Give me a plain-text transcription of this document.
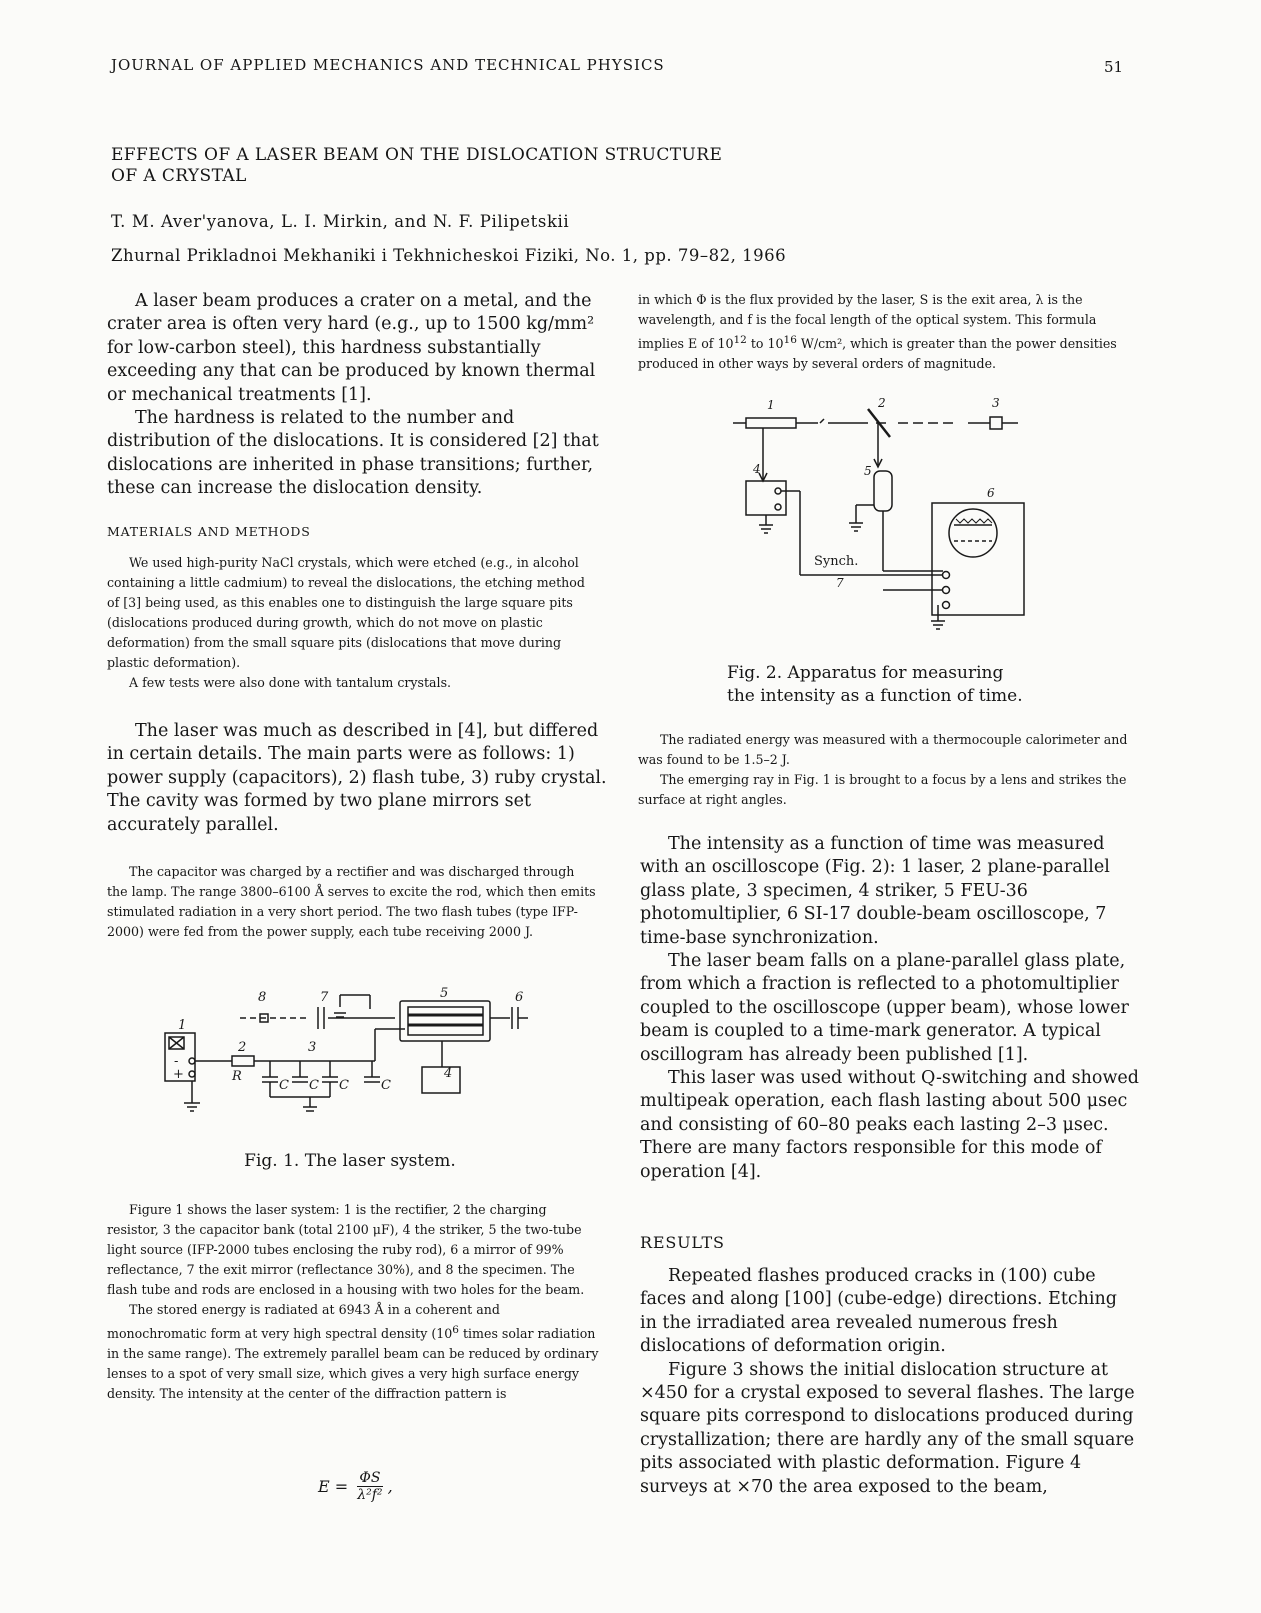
JOURNAL OF APPLIED MECHANICS AND TECHNICAL PHYSICS	51
EFFECTS OF A LASER BEAM ON THE DISLOCATION STRUCTURE
OF A CRYSTAL
T. M. Aver'yanova, L. I. Mirkin, and N. F. Pilipetskii
Zhurnal Prikladnoi Mekhaniki i Tekhnicheskoi Fiziki, No. 1, pp. 79–82, 1966

A laser beam produces a crater on a metal, and the crater area is often very hard (e.g., up to 1500 kg/mm² for low-carbon steel), this hardness substantially exceeding any that can be produced by known thermal or mechanical treatments [1].

The hardness is related to the number and distribution of the dislocations. It is considered [2] that dislocations are inherited in phase transitions; further, these can increase the dislocation density.

MATERIALS AND METHODS

We used high-purity NaCl crystals, which were etched (e.g., in alcohol containing a little cadmium) to reveal the dislocations, the etching method of [3] being used, as this enables one to distinguish the large square pits (dislocations produced during growth, which do not move on plastic deformation) from the small square pits (dislocations that move during plastic deformation).

A few tests were also done with tantalum crystals.

The laser was much as described in [4], but differed in certain details. The main parts were as follows: 1) power supply (capacitors), 2) flash tube, 3) ruby crystal. The cavity was formed by two plane mirrors set accurately parallel.

The capacitor was charged by a rectifier and was discharged through the lamp. The range 3800–6100 Å serves to excite the rod, which then emits stimulated radiation in a very short period. The two flash tubes (type IFP-2000) were fed from the power supply, each tube receiving 2000 J.

8	7	5	6
1
2	3
4
R
C C C C
-
+
Fig. 1. The laser system.

Figure 1 shows the laser system: 1 is the rectifier, 2 the charging resistor, 3 the capacitor bank (total 2100 μF), 4 the striker, 5 the two-tube light source (IFP-2000 tubes enclosing the ruby rod), 6 a mirror of 99% reflectance, 7 the exit mirror (reflectance 30%), and 8 the specimen. The flash tube and rods are enclosed in a housing with two holes for the beam.

The stored energy is radiated at 6943 Å in a coherent and monochromatic form at very high spectral density ($10^6$ times solar radiation in the same range). The extremely parallel beam can be reduced by ordinary lenses to a spot of very small size, which gives a very high surface energy density. The intensity at the center of the diffraction pattern is

$E = \frac{\Phi S}{\text{λ²f²}}$ ,

in which Φ is the flux provided by the laser, S is the exit area, λ is the wavelength, and f is the focal length of the optical system. This formula implies E of $10^{12}$ to $10^{16}$ W/cm², which is greater than the power densities produced in other ways by several orders of magnitude.

1	2	3
4	5
6
7
Synch.
Fig. 2. Apparatus for measuring
the intensity as a function of time.

The radiated energy was measured with a thermocouple calorimeter and was found to be 1.5–2 J.

The emerging ray in Fig. 1 is brought to a focus by a lens and strikes the surface at right angles.

The intensity as a function of time was measured with an oscilloscope (Fig. 2): 1 laser, 2 plane-parallel glass plate, 3 specimen, 4 striker, 5 FEU-36 photomultiplier, 6 SI-17 double-beam oscilloscope, 7 time-base synchronization.

The laser beam falls on a plane-parallel glass plate, from which a fraction is reflected to a photomultiplier coupled to the oscilloscope (upper beam), whose lower beam is coupled to a time-mark generator. A typical oscillogram has already been published [1].

This laser was used without Q-switching and showed multipeak operation, each flash lasting about 500 μsec and consisting of 60–80 peaks each lasting 2–3 μsec. There are many factors responsible for this mode of operation [4].

RESULTS

Repeated flashes produced cracks in (100) cube faces and along [100] (cube-edge) directions. Etching in the irradiated area revealed numerous fresh dislocations of deformation origin.

Figure 3 shows the initial dislocation structure at ×450 for a crystal exposed to several flashes. The large square pits correspond to dislocations produced during crystallization; there are hardly any of the small square pits associated with plastic deformation. Figure 4 surveys at ×70 the area exposed to the beam,
